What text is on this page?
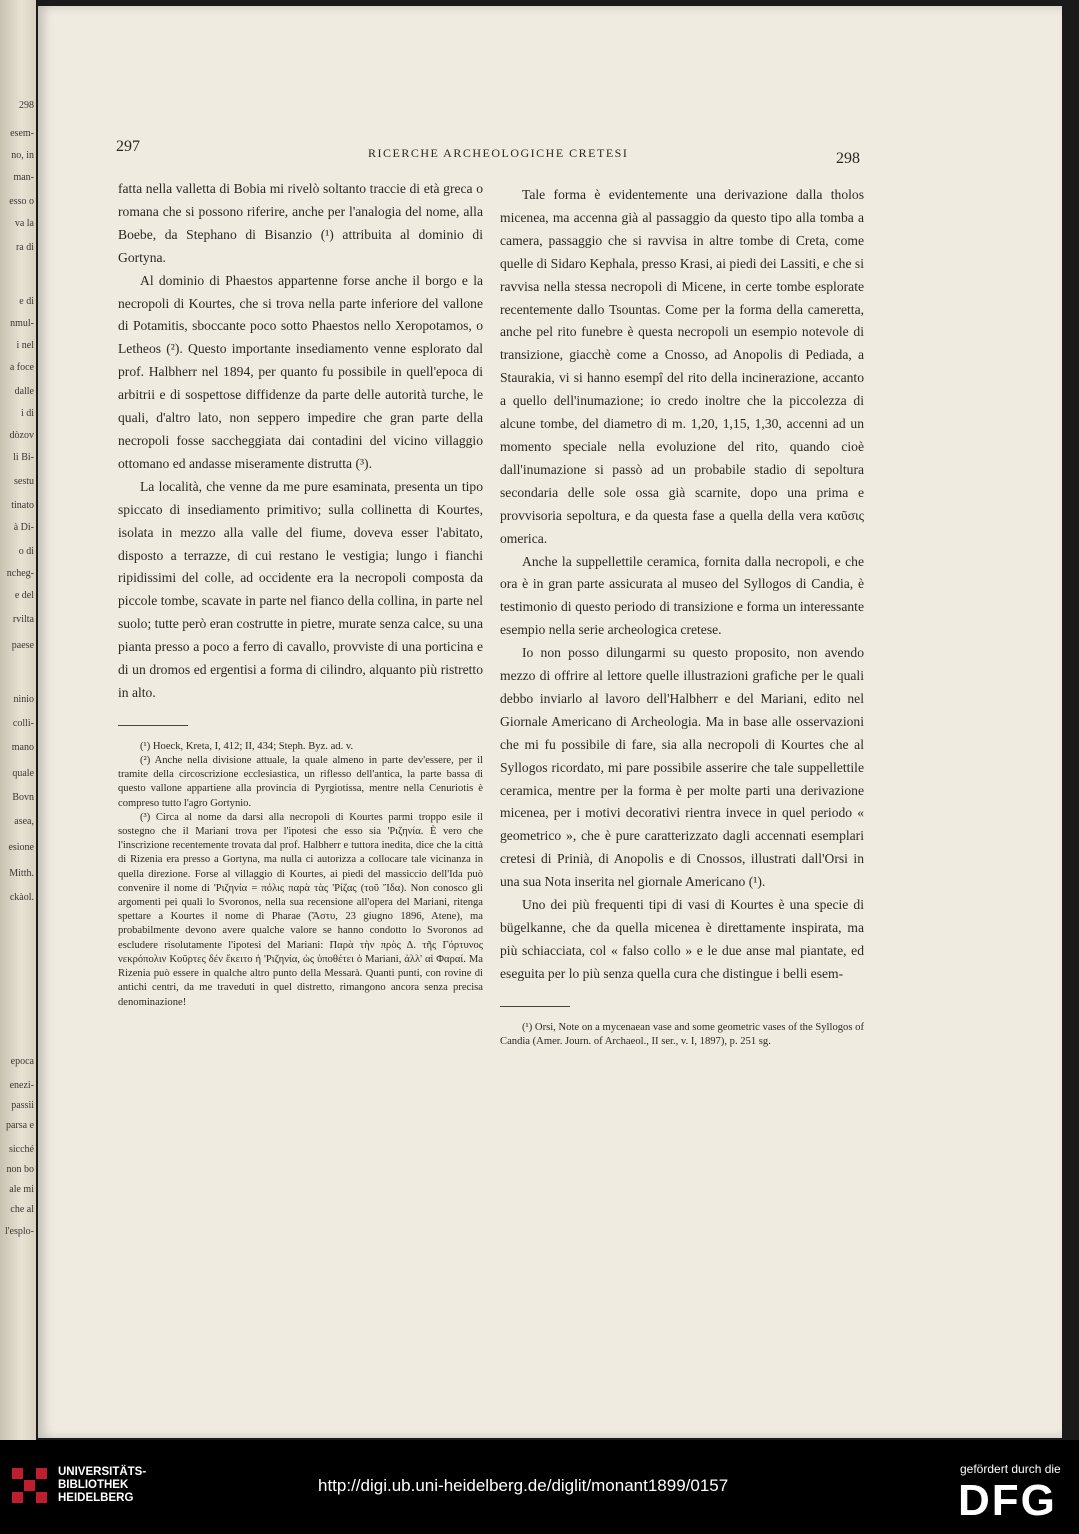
298
esem-
no, in
man-
esso o
va la
ra di
e di
nmul-
i nel
a foce
dalle
i di
dòzov
li Bi-
sestu
tinato
à Di-
o di
ncheg-
e del
rvilta
paese
ninio
colli-
mano
quale
Bovn
asea,
esione
Mitth.
ckàol.
epoca
enezi-
passii
parsa e
sicché
non bo
ale mi
che al
l'esplo-
297	RICERCHE ARCHEOLOGICHE CRETESI	298

fatta nella valletta di Bobia mi rivelò soltanto traccie di età greca o romana che si possono riferire, anche per l'analogia del nome, alla Boebe, da Stephano di Bisanzio (¹) attribuita al dominio di Gortyna.

Al dominio di Phaestos appartenne forse anche il borgo e la necropoli di Kourtes, che si trova nella parte inferiore del vallone di Potamitis, sboccante poco sotto Phaestos nello Xeropotamos, o Letheos (²). Questo importante insediamento venne esplorato dal prof. Halbherr nel 1894, per quanto fu possibile in quell'epoca di arbitrii e di sospettose diffidenze da parte delle autorità turche, le quali, d'altro lato, non seppero impedire che gran parte della necropoli fosse saccheggiata dai contadini del vicino villaggio ottomano ed andasse miseramente distrutta (³).

La località, che venne da me pure esaminata, presenta un tipo spiccato di insediamento primitivo; sulla collinetta di Kourtes, isolata in mezzo alla valle del fiume, doveva esser l'abitato, disposto a terrazze, di cui restano le vestigia; lungo i fianchi ripidissimi del colle, ad occidente era la necropoli composta da piccole tombe, scavate in parte nel fianco della collina, in parte nel suolo; tutte però eran costrutte in pietre, murate senza calce, su una pianta presso a poco a ferro di cavallo, provviste di una porticina e di un dromos ed ergentisi a forma di cilindro, alquanto più ristretto in alto.

(¹) Hoeck, Kreta, I, 412; II, 434; Steph. Byz. ad. v.

(²) Anche nella divisione attuale, la quale almeno in parte dev'essere, per il tramite della circoscrizione ecclesiastica, un riflesso dell'antica, la parte bassa di questo vallone appartiene alla provincia di Pyrgiotissa, mentre nella Cenuriotis è compreso tutto l'agro Gortynio.

(³) Circa al nome da darsi alla necropoli di Kourtes parmi troppo esile il sostegno che il Mariani trova per l'ipotesi che esso sia 'Ριζηνία. È vero che l'inscrizione recentemente trovata dal prof. Halbherr e tuttora inedita, dice che la città di Rizenia era presso a Gortyna, ma nulla ci autorizza a collocare tale vicinanza in quella direzione. Forse al villaggio di Kourtes, ai piedi del massiccio dell'Ida può convenire il nome di 'Ριζηνία = πόλις παρὰ τὰς 'Ρίζας (τοῦ Ἴδα). Non conosco gli argomenti pei quali lo Svoronos, nella sua recensione all'opera del Mariani, ritenga spettare a Kourtes il nome di Pharae (Ἄστυ, 23 giugno 1896, Atene), ma probabilmente devono avere qualche valore se hanno condotto lo Svoronos ad escludere risolutamente l'ipotesi del Mariani: Παρὰ τὴν πρὸς Δ. τῆς Γόρτυνος νεκρόπολιν Κοῦρτες δέν ἔκειτο ἡ 'Ριζηνία, ὡς ὑποθέτει ὁ Mariani, ἀλλ' αἱ Φαραί. Ma Rizenia può essere in qualche altro punto della Messarà. Quanti punti, con rovine di antichi centri, da me traveduti in quel distretto, rimangono ancora senza precisa denominazione!

Tale forma è evidentemente una derivazione dalla tholos micenea, ma accenna già al passaggio da questo tipo alla tomba a camera, passaggio che si ravvisa in altre tombe di Creta, come quelle di Sidaro Kephala, presso Krasi, ai piedi dei Lassiti, e che si ravvisa nella stessa necropoli di Micene, in certe tombe esplorate recentemente dallo Tsountas. Come per la forma della cameretta, anche pel rito funebre è questa necropoli un esempio notevole di transizione, giacchè come a Cnosso, ad Anopolis di Pediada, a Staurakia, vi si hanno esempî del rito della incinerazione, accanto a quello dell'inumazione; io credo inoltre che la piccolezza di alcune tombe, del diametro di m. 1,20, 1,15, 1,30, accenni ad un momento speciale nella evoluzione del rito, quando cioè dall'inumazione si passò ad un probabile stadio di sepoltura secondaria delle sole ossa già scarnite, dopo una prima e provvisoria sepoltura, e da questa fase a quella della vera καῦσις omerica.

Anche la suppellettile ceramica, fornita dalla necropoli, e che ora è in gran parte assicurata al museo del Syllogos di Candia, è testimonio di questo periodo di transizione e forma un interessante esempio nella serie archeologica cretese.

Io non posso dilungarmi su questo proposito, non avendo mezzo di offrire al lettore quelle illustrazioni grafiche per le quali debbo inviarlo al lavoro dell'Halbherr e del Mariani, edito nel Giornale Americano di Archeologia. Ma in base alle osservazioni che mi fu possibile di fare, sia alla necropoli di Kourtes che al Syllogos ricordato, mi pare possibile asserire che tale suppellettile ceramica, mentre per la forma è per molte parti una derivazione micenea, per i motivi decorativi rientra invece in quel periodo « geometrico », che è pure caratterizzato dagli accennati esemplari cretesi di Prinià, di Anopolis e di Cnossos, illustrati dall'Orsi in una sua Nota inserita nel giornale Americano (¹).

Uno dei più frequenti tipi di vasi di Kourtes è una specie di bügelkanne, che da quella micenea è direttamente inspirata, ma più schiacciata, col « falso collo » e le due anse mal piantate, ed eseguita per lo più senza quella cura che distingue i belli esem-

(¹) Orsi, Note on a mycenaean vase and some geometric vases of the Syllogos of Candia (Amer. Journ. of Archaeol., II ser., v. I, 1897), p. 251 sg.

UNIVERSITÄTS-
BIBLIOTHEK
HEIDELBERG
http://digi.ub.uni-heidelberg.de/diglit/monant1899/0157
gefördert durch die
DFG
